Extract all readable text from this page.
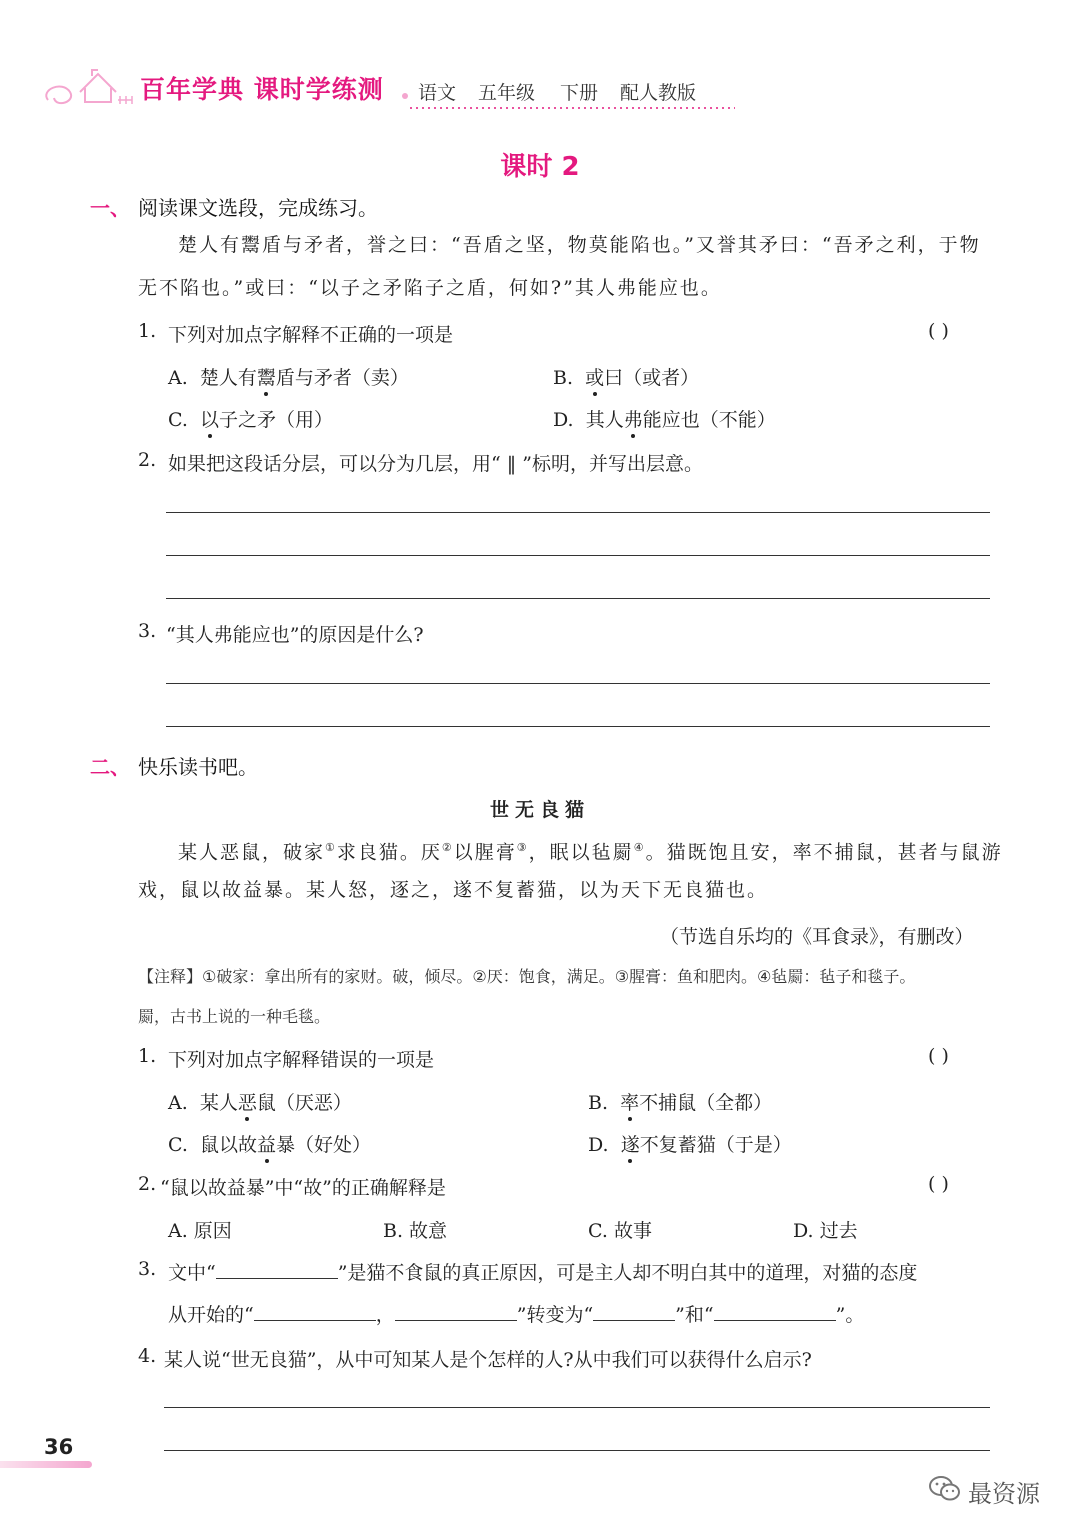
百年学典 课时学练测 语文 五年级 下册 配人教版
课时 2
一、 阅读课文选段，完成练习。
楚人有鬻盾与矛者，誉之曰：“吾盾之坚，物莫能陷也。”又誉其矛曰：“吾矛之利，于物
无不陷也。”或曰：“以子之矛陷子之盾，何如?”其人弗能应也。
1. 下列对加点字解释不正确的一项是	( )
A. 楚人有鬻盾与矛者（卖）	B. 或曰（或者）
C. 以子之矛（用）	D. 其人弗能应也（不能）
2. 如果把这段话分层，可以分为几层，用“ ‖ ”标明，并写出层意。
3. “其人弗能应也”的原因是什么?
二、 快乐读书吧。
世无良猫
某人恶鼠，破家①求良猫。厌②以腥膏③，眠以毡罽④。猫既饱且安，率不捕鼠，甚者与鼠游
戏，鼠以故益暴。某人怒，逐之，遂不复蓄猫，以为天下无良猫也。
（节选自乐均的《耳食录》，有删改）
【注释】①破家：拿出所有的家财。破，倾尽。②厌：饱食，满足。③腥膏：鱼和肥肉。④毡罽：毡子和毯子。
罽，古书上说的一种毛毯。
1. 下列对加点字解释错误的一项是	( )
A. 某人恶鼠（厌恶）	B. 率不捕鼠（全都）
C. 鼠以故益暴（好处）	D. 遂不复蓄猫（于是）
2. “鼠以故益暴”中“故”的正确解释是	( )
A. 原因	B. 故意	C. 故事	D. 过去
3. 文中“	”是猫不食鼠的真正原因，可是主人却不明白其中的道理，对猫的态度
从开始的“	，	”转变为“	”和“	”。
4. 某人说“世无良猫”，从中可知某人是个怎样的人?从中我们可以获得什么启示?
36
最资源
